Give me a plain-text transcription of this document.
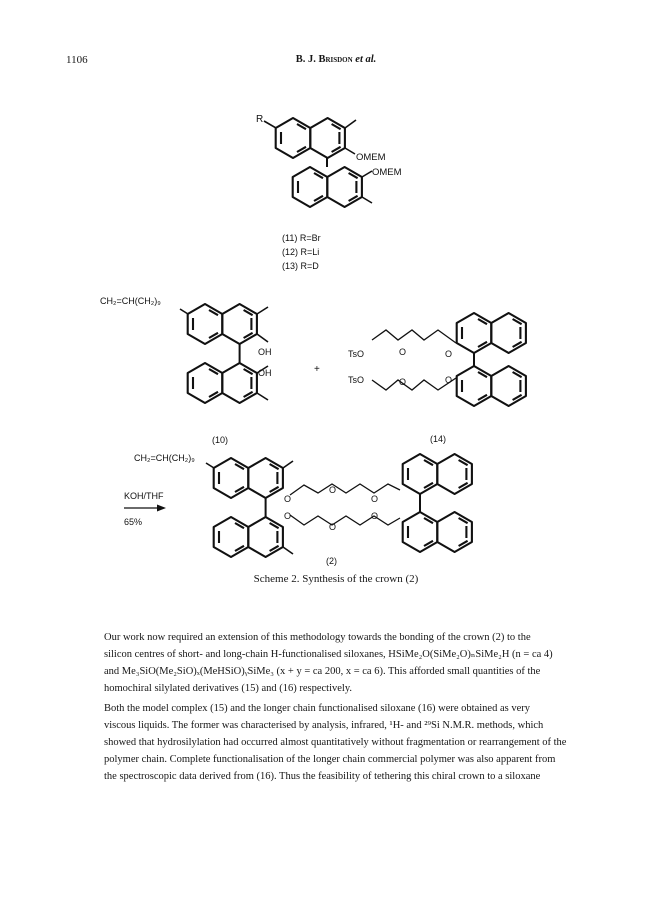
1106	B. J. Brisdon et al.
R
OMEM
OMEM
(11) R=Br
(12) R=Li
(13) R=D
CH₂=CH(CH₂)₉
OH
OH
(10)
+
TsO
TsO
O
O
O
O
(14)
CH₂=CH(CH₂)₉
O
O
O
O
O
O
(2)
KOH/THF
65%
Scheme 2. Synthesis of the crown (2)
Our work now required an extension of this methodology towards the bonding of the crown (2) to the
silicon centres of short- and long-chain H-functionalised siloxanes, HSiMe₂O(SiMe₂O)ₙSiMe₂H (n = ca 4)
and Me₃SiO(Me₂SiO)ₓ(MeHSiO)ᵧSiMe₃ (x + y = ca 200, x = ca 6). This afforded small quantities of the
homochiral silylated derivatives (15) and (16) respectively.
Both the model complex (15) and the longer chain functionalised siloxane (16) were obtained as very
viscous liquids. The former was characterised by analysis, infrared, ¹H- and ²⁹Si N.M.R. methods, which
showed that hydrosilylation had occurred almost quantitatively without fragmentation or rearrangement of the
polymer chain. Complete functionalisation of the longer chain commercial polymer was also apparent from
the spectroscopic data derived from (16). Thus the feasibility of tethering this chiral crown to a siloxane
